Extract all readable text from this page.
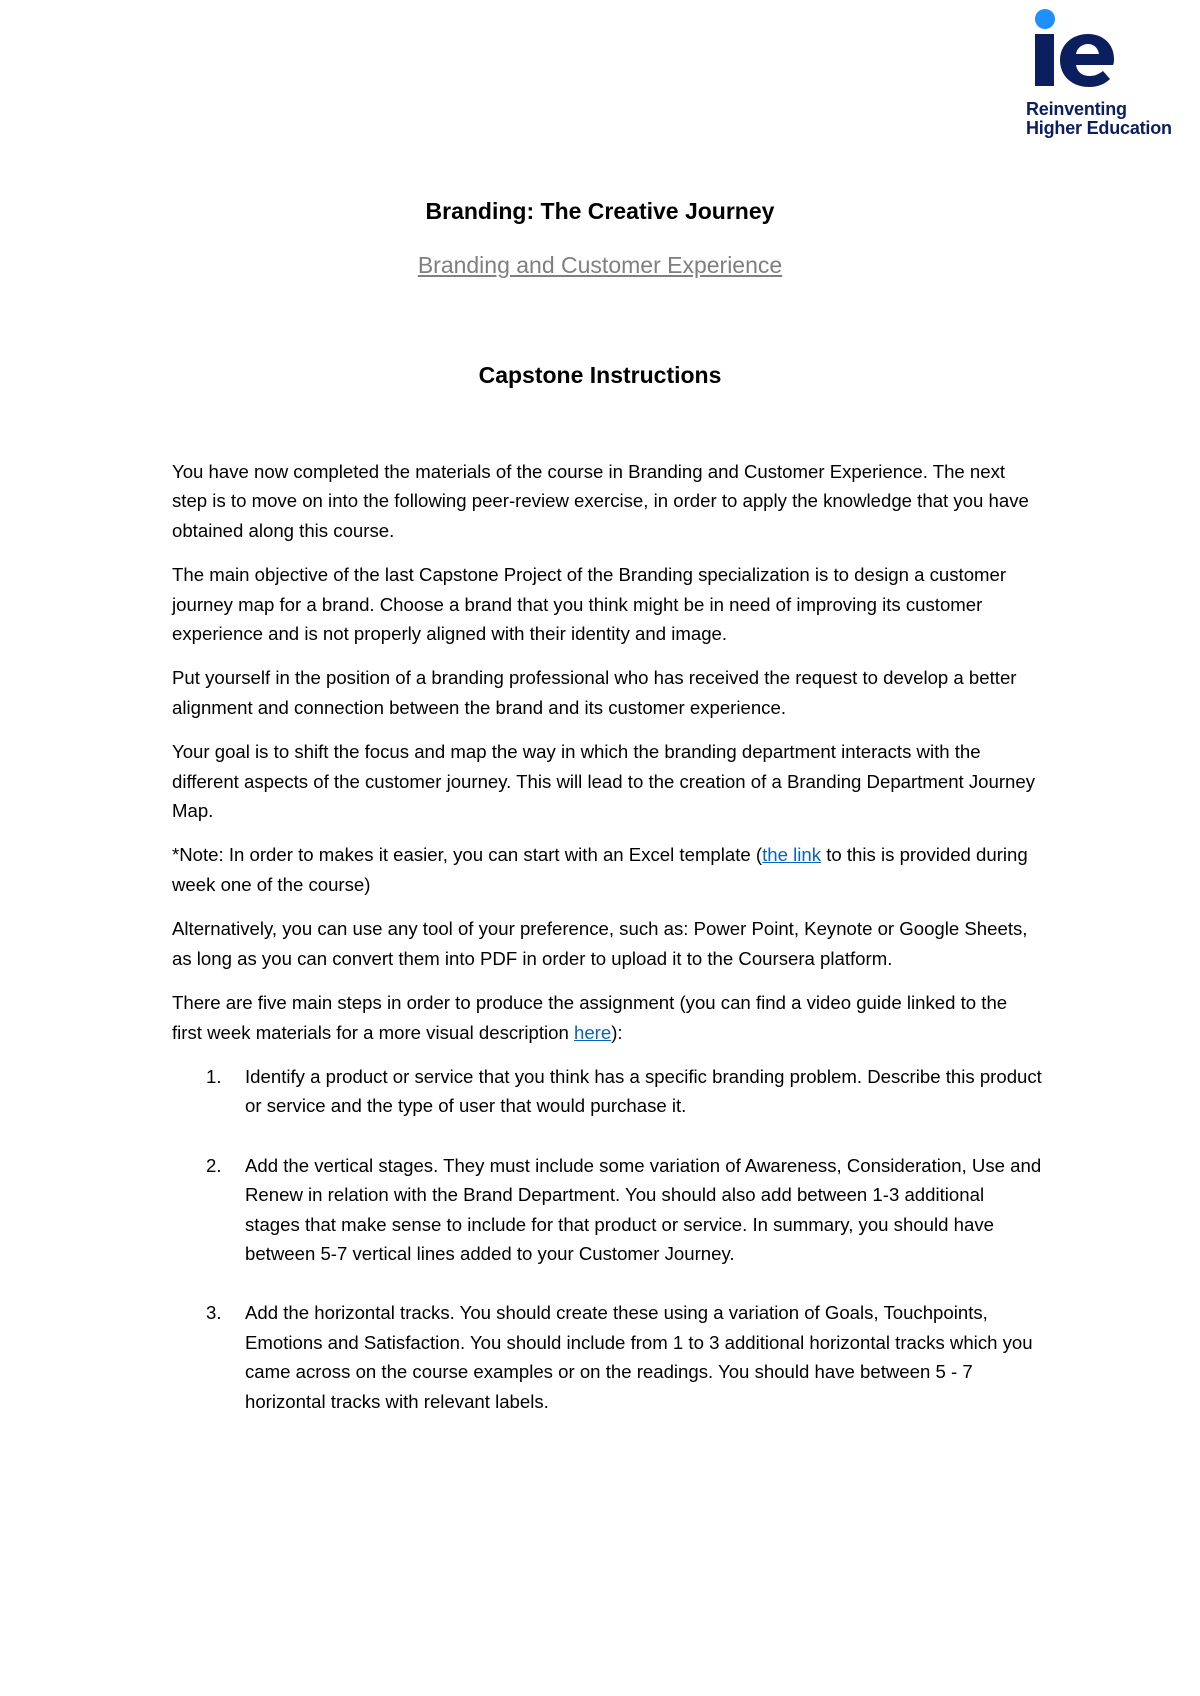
Reinventing
Higher Education
Branding: The Creative Journey
Branding and Customer Experience
Capstone Instructions

You have now completed the materials of the course in Branding and Customer Experience. The next step is to move on into the following peer-review exercise, in order to apply the knowledge that you have obtained along this course.

The main objective of the last Capstone Project of the Branding specialization is to design a customer journey map for a brand. Choose a brand that you think might be in need of improving its customer experience and is not properly aligned with their identity and image.

Put yourself in the position of a branding professional who has received the request to develop a better alignment and connection between the brand and its customer experience.

Your goal is to shift the focus and map the way in which the branding department interacts with the different aspects of the customer journey. This will lead to the creation of a Branding Department Journey Map.

*Note: In order to makes it easier, you can start with an Excel template (the link to this is provided during week one of the course)

Alternatively, you can use any tool of your preference, such as: Power Point, Keynote or Google Sheets, as long as you can convert them into PDF in order to upload it to the Coursera platform.

There are five main steps in order to produce the assignment (you can find a video guide linked to the first week materials for a more visual description here):

1. Identify a product or service that you think has a specific branding problem. Describe this product or service and the type of user that would purchase it.
2. Add the vertical stages. They must include some variation of Awareness, Consideration, Use and Renew in relation with the Brand Department. You should also add between 1-3 additional stages that make sense to include for that product or service. In summary, you should have between 5-7 vertical lines added to your Customer Journey.
3. Add the horizontal tracks. You should create these using a variation of Goals, Touchpoints, Emotions and Satisfaction. You should include from 1 to 3 additional horizontal tracks which you came across on the course examples or on the readings. You should have between 5 - 7 horizontal tracks with relevant labels.
